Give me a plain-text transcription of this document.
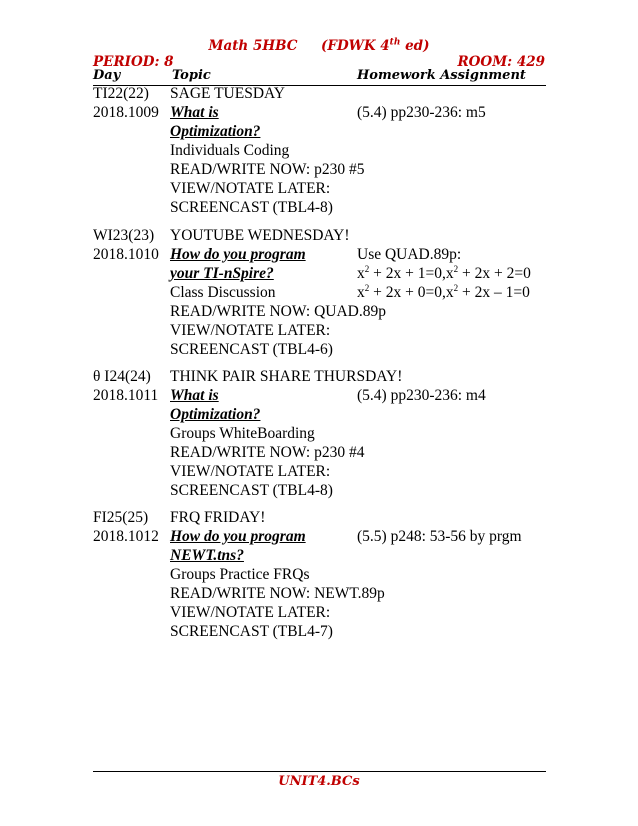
Math 5HBC (FDWK 4th ed)
PERIOD: 8	ROOM: 429
Day	Topic	Homework Assignment
TI22(22) SAGE TUESDAY
2018.1009 What is	(5.4) pp230-236: m5
Optimization?
Individuals Coding
READ/WRITE NOW: p230 #5
VIEW/NOTATE LATER:
SCREENCAST (TBL4-8)
WI23(23) YOUTUBE WEDNESDAY!
2018.1010 How do you program	Use QUAD.89p:
your TI-nSpire?	$x^2 + 2x + 1=0,x^2 + 2x + 2=0$
Class Discussion	$x^2 + 2x + 0=0,x^2 + 2x - 1=0$
READ/WRITE NOW: QUAD.89p
VIEW/NOTATE LATER:
SCREENCAST (TBL4-6)
θ I24(24) THINK PAIR SHARE THURSDAY!
2018.1011 What is	(5.4) pp230-236: m4
Optimization?
Groups WhiteBoarding
READ/WRITE NOW: p230 #4
VIEW/NOTATE LATER:
SCREENCAST (TBL4-8)
FI25(25) FRQ FRIDAY!
2018.1012 How do you program	(5.5) p248: 53-56 by prgm
NEWT.tns?
Groups Practice FRQs
READ/WRITE NOW: NEWT.89p
VIEW/NOTATE LATER:
SCREENCAST (TBL4-7)
UNIT4.BCs
